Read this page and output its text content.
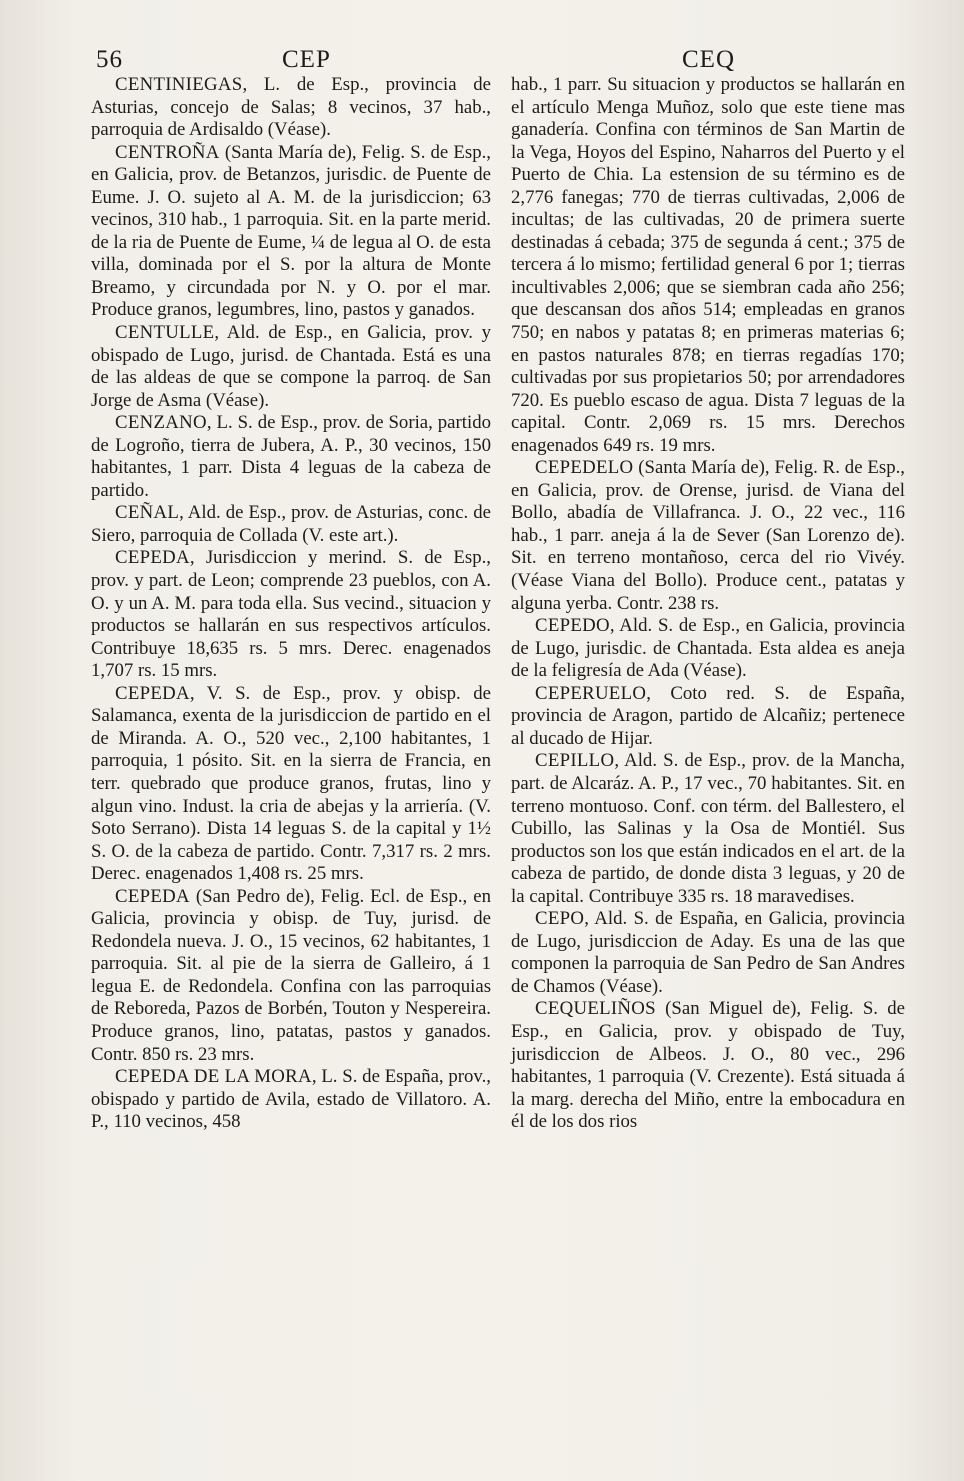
56	CEP	CEQ

CENTINIEGAS, L. de Esp., provincia de Asturias, concejo de Salas; 8 vecinos, 37 hab., parroquia de Ardisaldo (Véase).

CENTROÑA (Santa María de), Felig. S. de Esp., en Galicia, prov. de Betanzos, jurisdic. de Puente de Eume. J. O. sujeto al A. M. de la jurisdiccion; 63 vecinos, 310 hab., 1 parroquia. Sit. en la parte merid. de la ria de Puente de Eume, ¼ de legua al O. de esta villa, dominada por el S. por la altura de Monte Breamo, y circundada por N. y O. por el mar. Produce granos, legumbres, lino, pastos y ganados.

CENTULLE, Ald. de Esp., en Galicia, prov. y obispado de Lugo, jurisd. de Chantada. Está es una de las aldeas de que se compone la parroq. de San Jorge de Asma (Véase).

CENZANO, L. S. de Esp., prov. de Soria, partido de Logroño, tierra de Jubera, A. P., 30 vecinos, 150 habitantes, 1 parr. Dista 4 leguas de la cabeza de partido.

CEÑAL, Ald. de Esp., prov. de Asturias, conc. de Siero, parroquia de Collada (V. este art.).

CEPEDA, Jurisdiccion y merind. S. de Esp., prov. y part. de Leon; comprende 23 pueblos, con A. O. y un A. M. para toda ella. Sus vecind., situacion y productos se hallarán en sus respectivos artículos. Contribuye 18,635 rs. 5 mrs. Derec. enagenados 1,707 rs. 15 mrs.

CEPEDA, V. S. de Esp., prov. y obisp. de Salamanca, exenta de la jurisdiccion de partido en el de Miranda. A. O., 520 vec., 2,100 habitantes, 1 parroquia, 1 pósito. Sit. en la sierra de Francia, en terr. quebrado que produce granos, frutas, lino y algun vino. Indust. la cria de abejas y la arriería. (V. Soto Serrano). Dista 14 leguas S. de la capital y 1½ S. O. de la cabeza de partido. Contr. 7,317 rs. 2 mrs. Derec. enagenados 1,408 rs. 25 mrs.

CEPEDA (San Pedro de), Felig. Ecl. de Esp., en Galicia, provincia y obisp. de Tuy, jurisd. de Redondela nueva. J. O., 15 vecinos, 62 habitantes, 1 parroquia. Sit. al pie de la sierra de Galleiro, á 1 legua E. de Redondela. Confina con las parroquias de Reboreda, Pazos de Borbén, Touton y Nespereira. Produce granos, lino, patatas, pastos y ganados. Contr. 850 rs. 23 mrs.

CEPEDA DE LA MORA, L. S. de España, prov., obispado y partido de Avila, estado de Villatoro. A. P., 110 vecinos, 458

hab., 1 parr. Su situacion y productos se hallarán en el artículo Menga Muñoz, solo que este tiene mas ganadería. Confina con términos de San Martin de la Vega, Hoyos del Espino, Naharros del Puerto y el Puerto de Chia. La estension de su término es de 2,776 fanegas; 770 de tierras cultivadas, 2,006 de incultas; de las cultivadas, 20 de primera suerte destinadas á cebada; 375 de segunda á cent.; 375 de tercera á lo mismo; fertilidad general 6 por 1; tierras incultivables 2,006; que se siembran cada año 256; que descansan dos años 514; empleadas en granos 750; en nabos y patatas 8; en primeras materias 6; en pastos naturales 878; en tierras regadías 170; cultivadas por sus propietarios 50; por arrendadores 720. Es pueblo escaso de agua. Dista 7 leguas de la capital. Contr. 2,069 rs. 15 mrs. Derechos enagenados 649 rs. 19 mrs.

CEPEDELO (Santa María de), Felig. R. de Esp., en Galicia, prov. de Orense, jurisd. de Viana del Bollo, abadía de Villafranca. J. O., 22 vec., 116 hab., 1 parr. aneja á la de Sever (San Lorenzo de). Sit. en terreno montañoso, cerca del rio Vivéy. (Véase Viana del Bollo). Produce cent., patatas y alguna yerba. Contr. 238 rs.

CEPEDO, Ald. S. de Esp., en Galicia, provincia de Lugo, jurisdic. de Chantada. Esta aldea es aneja de la feligresía de Ada (Véase).

CEPERUELO, Coto red. S. de España, provincia de Aragon, partido de Alcañiz; pertenece al ducado de Hijar.

CEPILLO, Ald. S. de Esp., prov. de la Mancha, part. de Alcaráz. A. P., 17 vec., 70 habitantes. Sit. en terreno montuoso. Conf. con térm. del Ballestero, el Cubillo, las Salinas y la Osa de Montiél. Sus productos son los que están indicados en el art. de la cabeza de partido, de donde dista 3 leguas, y 20 de la capital. Contribuye 335 rs. 18 maravedises.

CEPO, Ald. S. de España, en Galicia, provincia de Lugo, jurisdiccion de Aday. Es una de las que componen la parroquia de San Pedro de San Andres de Chamos (Véase).

CEQUELIÑOS (San Miguel de), Felig. S. de Esp., en Galicia, prov. y obispado de Tuy, jurisdiccion de Albeos. J. O., 80 vec., 296 habitantes, 1 parroquia (V. Crezente). Está situada á la marg. derecha del Miño, entre la embocadura en él de los dos rios
